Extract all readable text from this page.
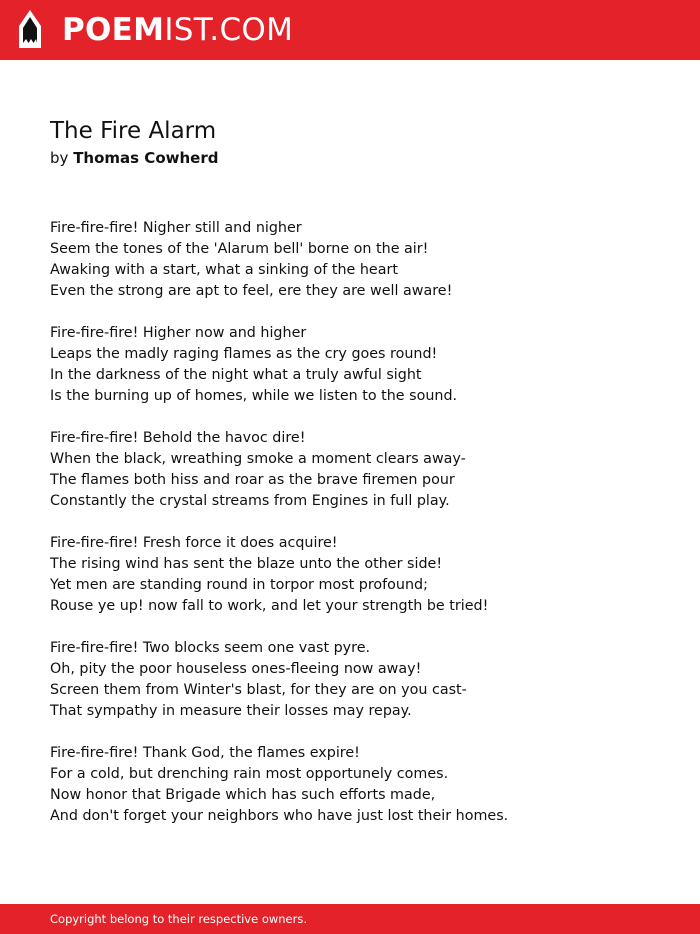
POEMIST.COM
The Fire Alarm

by Thomas Cowherd

Fire-fire-fire! Nigher still and nigher
Seem the tones of the 'Alarum bell' borne on the air!
Awaking with a start, what a sinking of the heart
Even the strong are apt to feel, ere they are well aware!
Fire-fire-fire! Higher now and higher
Leaps the madly raging flames as the cry goes round!
In the darkness of the night what a truly awful sight
Is the burning up of homes, while we listen to the sound.
Fire-fire-fire! Behold the havoc dire!
When the black, wreathing smoke a moment clears away-
The flames both hiss and roar as the brave firemen pour
Constantly the crystal streams from Engines in full play.
Fire-fire-fire! Fresh force it does acquire!
The rising wind has sent the blaze unto the other side!
Yet men are standing round in torpor most profound;
Rouse ye up! now fall to work, and let your strength be tried!
Fire-fire-fire! Two blocks seem one vast pyre.
Oh, pity the poor houseless ones-fleeing now away!
Screen them from Winter's blast, for they are on you cast-
That sympathy in measure their losses may repay.
Fire-fire-fire! Thank God, the flames expire!
For a cold, but drenching rain most opportunely comes.
Now honor that Brigade which has such efforts made,
And don't forget your neighbors who have just lost their homes.
Copyright belong to their respective owners.
